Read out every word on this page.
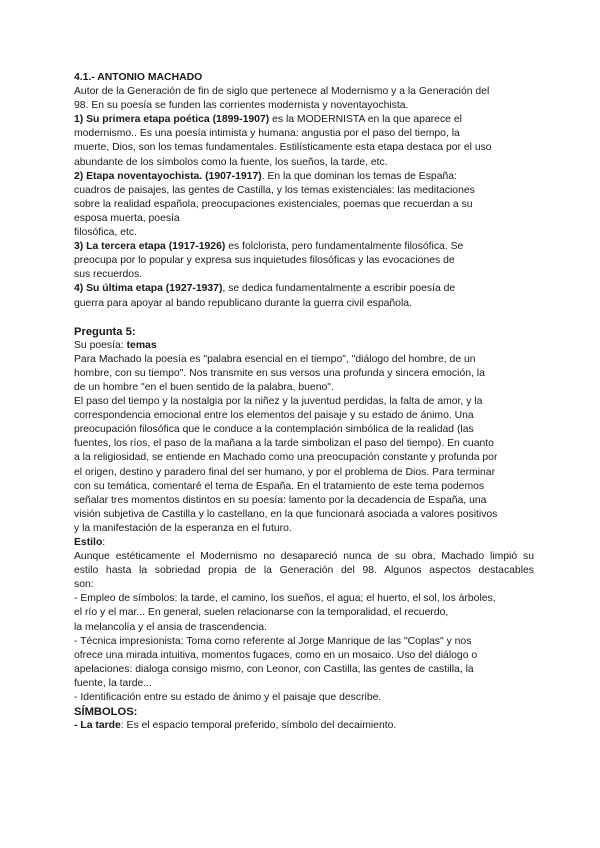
4.1.- ANTONIO MACHADO
Autor de la Generación de fin de siglo que pertenece al Modernismo y a la Generación del
98. En su poesía se funden las corrientes modernista y noventayochista.
1) Su primera etapa poética (1899-1907) es la MODERNISTA en la que aparece el
modernismo.. Es una poesía intimista y humana: angustia por el paso del tiempo, la
muerte, Dios, son los temas fundamentales. Estilísticamente esta etapa destaca por el uso
abundante de los símbolos como la fuente, los sueños, la tarde, etc.
2) Etapa noventayochista. (1907-1917). En la que dominan los temas de España:
cuadros de paisajes, las gentes de Castilla, y los temas existenciales: las meditaciones
sobre la realidad española, preocupaciones existenciales, poemas que recuerdan a su
esposa muerta, poesía
filosófica, etc.
3) La tercera etapa (1917-1926) es folclorista, pero fundamentalmente filosófica. Se
preocupa por lo popular y expresa sus inquietudes filosóficas y las evocaciones de
sus recuerdos.
4) Su última etapa (1927-1937), se dedica fundamentalmente a escribir poesía de
guerra para apoyar al bando republicano durante la guerra civil española.
Pregunta 5:
Su poesía: temas
Para Machado la poesía es "palabra esencial en el tiempo", "diálogo del hombre, de un
hombre, con su tiempo". Nos transmite en sus versos una profunda y sincera emoción, la
de un hombre "en el buen sentido de la palabra, bueno".
El paso del tiempo y la nostalgia por la niñez y la juventud perdidas, la falta de amor, y la
correspondencia emocional entre los elementos del paisaje y su estado de ánimo. Una
preocupación filosófica que le conduce a la contemplación simbólica de la realidad (las
fuentes, los ríos, el paso de la mañana a la tarde simbolizan el paso del tiempo). En cuanto
a la religiosidad, se entiende en Machado como una preocupación constante y profunda por
el origen, destino y paradero final del ser humano, y por el problema de Dios. Para terminar
con su temática, comentaré el tema de España. En el tratamiento de este tema podemos
señalar tres momentos distintos en su poesía: lamento por la decadencia de España, una
visión subjetiva de Castilla y lo castellano, en la que funcionará asociada a valores positivos
y la manifestación de la esperanza en el futuro.
Estilo:
Aunque estéticamente el Modernismo no desapareció nunca de su obra, Machado limpió su
estilo hasta la sobriedad propia de la Generación del 98. Algunos aspectos destacables
son:
- Empleo de símbolos: la tarde, el camino, los sueños, el agua; el huerto, el sol, los árboles,
el río y el mar... En general, suelen relacionarse con la temporalidad, el recuerdo,
la melancolía y el ansia de trascendencia.
- Técnica impresionista: Toma como referente al Jorge Manrique de las "Coplas" y nos
ofrece una mirada intuitiva, momentos fugaces, como en un mosaico. Uso del diálogo o
apelaciones: dialoga consigo mismo, con Leonor, con Castilla, las gentes de castilla, la
fuente, la tarde...
- Identificación entre su estado de ánimo y el paisaje que describe.
SÍMBOLOS:
- La tarde: Es el espacio temporal preferido, símbolo del decaimiento.
